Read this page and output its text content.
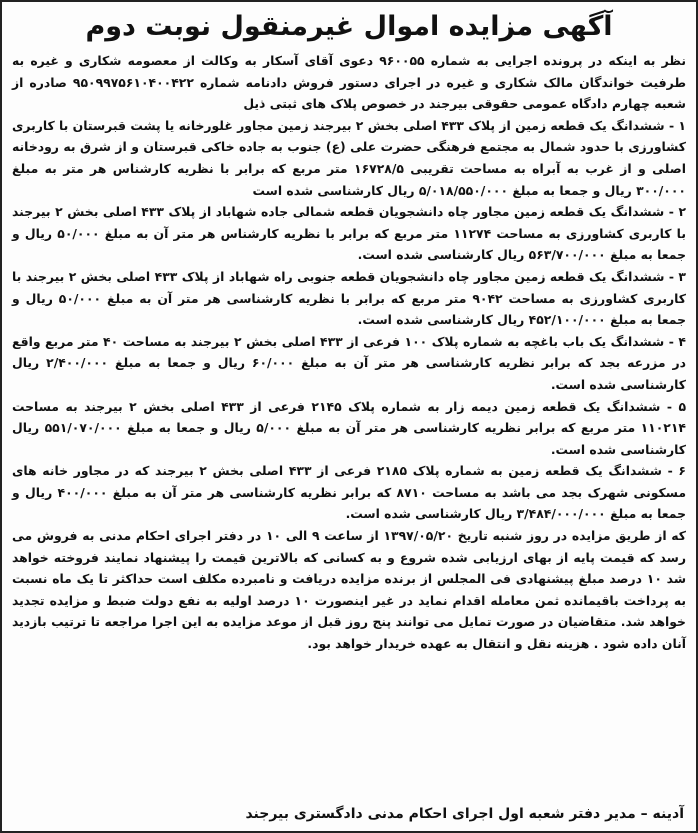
آگهی مزایده اموال غیرمنقول نوبت دوم

نظر به اینکه در پرونده اجرایی به شماره ۹۶۰۰۵۵ دعوی آقای آسکار به وکالت از معصومه شکاری و غیره به طرفیت خواندگان مالک شکاری و غیره در اجرای دستور فروش دادنامه شماره ۹۵۰۹۹۷۵۶۱۰۴۰۰۴۲۲ صادره از شعبه چهارم دادگاه عمومی حقوقی بیرجند در خصوص پلاک های ثبتی ذیل

۱ - ششدانگ یک قطعه زمین از پلاک ۴۳۳ اصلی بخش ۲ بیرجند زمین مجاور غلورخانه یا پشت قبرستان با کاربری کشاورزی با حدود شمال به مجتمع فرهنگی حضرت علی (ع) جنوب به جاده خاکی قبرستان و از شرق به رودخانه اصلی و از غرب به آبراه به مساحت تقریبی ۱۶۷۲۸/۵ متر مربع که برابر با نظریه کارشناس هر متر به مبلغ ۳۰۰/۰۰۰ ریال و جمعا به مبلغ ۵/۰۱۸/۵۵۰/۰۰۰ ریال کارشناسی شده است

۲ - ششدانگ یک قطعه زمین مجاور چاه دانشجویان قطعه شمالی جاده شهاباد از پلاک ۴۳۳ اصلی بخش ۲ بیرجند با کاربری کشاورزی به مساحت ۱۱۲۷۴ متر مربع که برابر با نظریه کارشناس هر متر آن به مبلغ ۵۰/۰۰۰ ریال و جمعا به مبلغ ۵۶۳/۷۰۰/۰۰۰ ریال کارشناسی شده است.

۳ - ششدانگ یک قطعه زمین مجاور چاه دانشجویان قطعه جنوبی راه شهاباد از پلاک ۴۳۳ اصلی بخش ۲ بیرجند با کاربری کشاورزی به مساحت ۹۰۴۲ متر مربع که برابر با نظریه کارشناسی هر متر آن به مبلغ ۵۰/۰۰۰ ریال و جمعا به مبلغ ۴۵۲/۱۰۰/۰۰۰ ریال کارشناسی شده است.

۴ - ششدانگ یک باب باغچه به شماره پلاک ۱۰۰ فرعی از ۴۳۳ اصلی بخش ۲ بیرجند به مساحت ۴۰ متر مربع واقع در مزرعه بجد که برابر نظریه کارشناسی هر متر آن به مبلغ ۶۰/۰۰۰ ریال و جمعا به مبلغ ۲/۴۰۰/۰۰۰ ریال کارشناسی شده است.

۵ - ششدانگ یک قطعه زمین دیمه زار به شماره پلاک ۲۱۴۵ فرعی از ۴۳۳ اصلی بخش ۲ بیرجند به مساحت ۱۱۰۲۱۴ متر مربع که برابر نظریه کارشناسی هر متر آن به مبلغ ۵/۰۰۰ ریال و جمعا به مبلغ ۵۵۱/۰۷۰/۰۰۰ ریال کارشناسی شده است.

۶ - ششدانگ یک قطعه زمین به شماره پلاک ۲۱۸۵ فرعی از ۴۳۳ اصلی بخش ۲ بیرجند که در مجاور خانه های مسکونی شهرک بجد می باشد به مساحت ۸۷۱۰ که برابر نظریه کارشناسی هر متر آن به مبلغ ۴۰۰/۰۰۰ ریال و جمعا به مبلغ ۳/۴۸۴/۰۰۰/۰۰۰ ریال کارشناسی شده است.

که از طریق مزایده در روز شنبه تاریخ ۱۳۹۷/۰۵/۲۰ از ساعت ۹ الی ۱۰ در دفتر اجرای احکام مدنی به فروش می رسد که قیمت پایه از بهای ارزیابی شده شروع و به کسانی که بالاترین قیمت را پیشنهاد نمایند فروخته خواهد شد ۱۰ درصد مبلغ پیشنهادی فی المجلس از برنده مزایده دریافت و نامبرده مکلف است حداکثر تا یک ماه نسبت به پرداخت باقیمانده ثمن معامله اقدام نماید در غیر اینصورت ۱۰ درصد اولیه به نفع دولت ضبط و مزایده تجدید خواهد شد. متقاضیان در صورت تمایل می توانند پنج روز قبل از موعد مزایده به این اجرا مراجعه تا ترتیب بازدید آنان داده شود . هزینه نقل و انتقال به عهده خریدار خواهد بود.

آدینه – مدیر دفتر شعبه اول اجرای احکام مدنی دادگستری بیرجند
